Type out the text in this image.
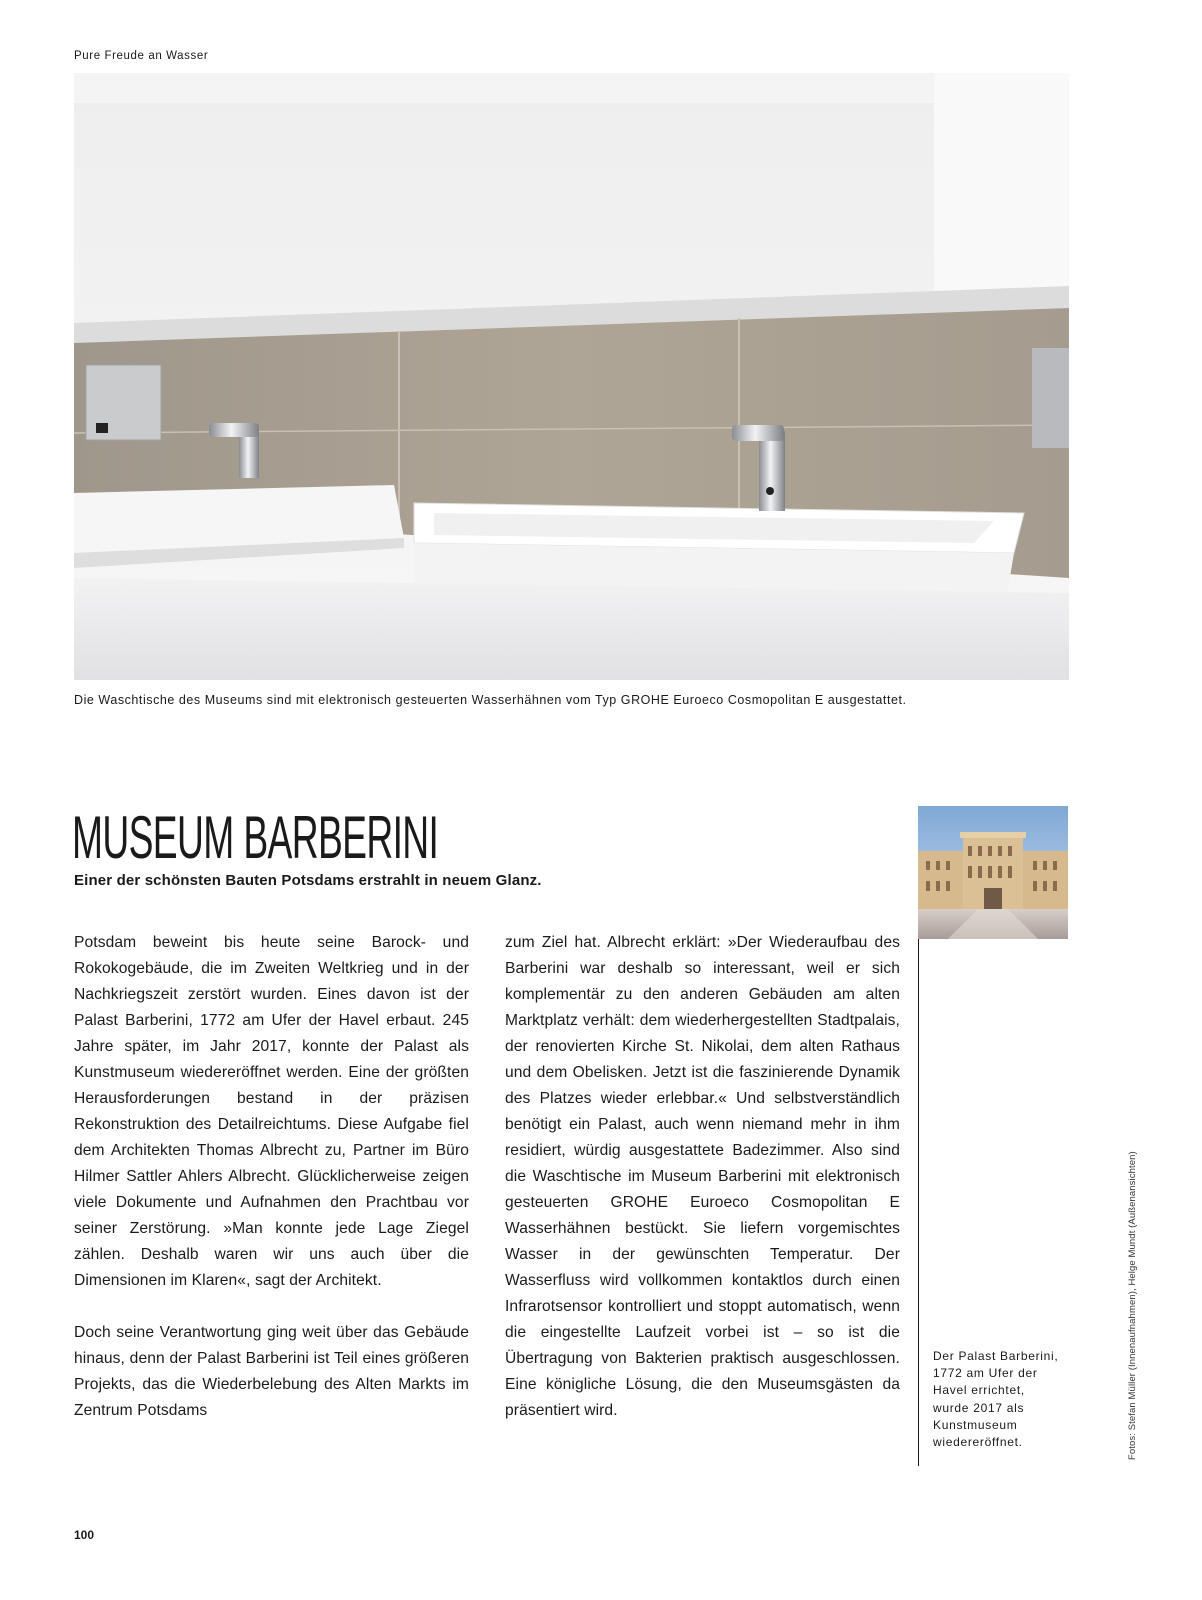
Pure Freude an Wasser
Die Waschtische des Museums sind mit elektronisch gesteuerten Wasserhähnen vom Typ GROHE Euroeco Cosmopolitan E ausgestattet.
MUSEUM BARBERINI
Einer der schönsten Bauten Potsdams erstrahlt in neuem Glanz.

Potsdam beweint bis heute seine Barock- und Rokokogebäude, die im Zweiten Weltkrieg und in der Nachkriegszeit zerstört wurden. Eines davon ist der Palast Barberini, 1772 am Ufer der Havel erbaut. 245 Jahre später, im Jahr 2017, konnte der Palast als Kunstmuseum wiedereröffnet werden. Eine der größten Herausforderungen bestand in der präzisen Rekonstruktion des Detailreichtums. Diese Aufgabe fiel dem Architekten Thomas Albrecht zu, Partner im Büro Hilmer Sattler Ahlers Albrecht. Glücklicherweise zeigen viele Dokumente und Aufnahmen den Prachtbau vor seiner Zerstörung. »Man konnte jede Lage Ziegel zählen. Deshalb waren wir uns auch über die Dimensionen im Klaren«, sagt der Architekt.

Doch seine Verantwortung ging weit über das Gebäude hinaus, denn der Palast Barberini ist Teil eines größeren Projekts, das die Wiederbelebung des Alten Markts im Zentrum Potsdams

zum Ziel hat. Albrecht erklärt: »Der Wiederaufbau des Barberini war deshalb so interessant, weil er sich komplementär zu den anderen Gebäuden am alten Marktplatz verhält: dem wiederhergestellten Stadtpalais, der renovierten Kirche St. Nikolai, dem alten Rathaus und dem Obelisken. Jetzt ist die faszinierende Dynamik des Platzes wieder erlebbar.« Und selbstverständlich benötigt ein Palast, auch wenn niemand mehr in ihm residiert, würdig ausgestattete Badezimmer. Also sind die Waschtische im Museum Barberini mit elektronisch gesteuerten GROHE Euroeco Cosmopolitan E Wasserhähnen bestückt. Sie liefern vorgemischtes Wasser in der gewünschten Temperatur. Der Wasserfluss wird vollkommen kontaktlos durch einen Infrarotsensor kontrolliert und stoppt automatisch, wenn die eingestellte Laufzeit vorbei ist – so ist die Übertragung von Bakterien praktisch ausgeschlossen. Eine königliche Lösung, die den Museumsgästen da präsentiert wird.

Der Palast Barberini, 1772 am Ufer der Havel errichtet, wurde 2017 als Kunstmuseum wiedereröffnet.	Fotos: Stefan Müller (Innenaufnahmen), Helge Mundt (Außenansichten)
100
